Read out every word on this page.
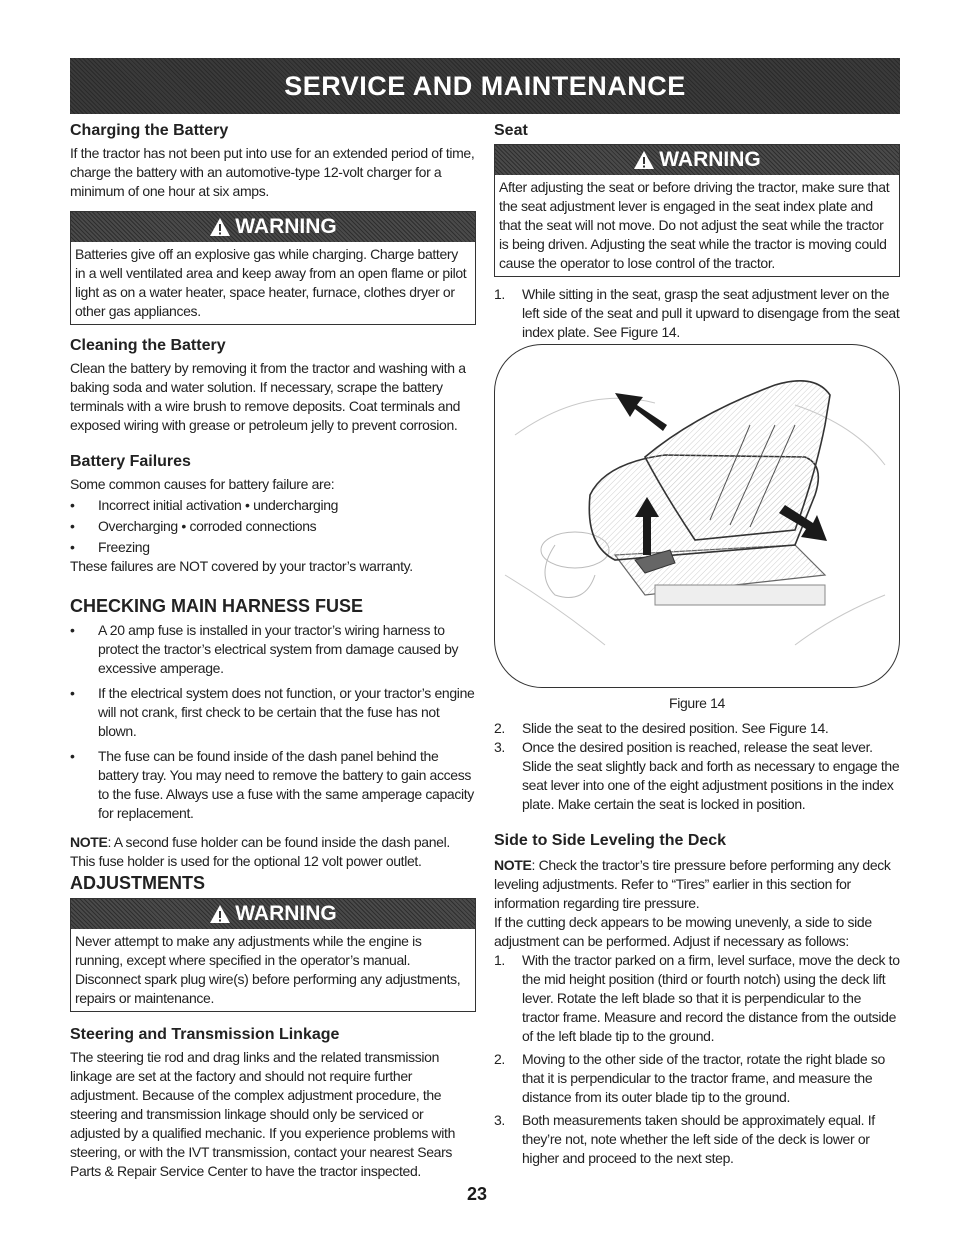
SERVICE AND MAINTENANCE
Charging the Battery

If the tractor has not been put into use for an extended period of time, charge the battery with an automotive-type 12-volt charger for a minimum of one hour at six amps.

WARNING

Batteries give off an explosive gas while charging. Charge battery in a well ventilated area and keep away from an open flame or pilot light as on a water heater, space heater, furnace, clothes dryer or other gas appliances.

Cleaning the Battery

Clean the battery by removing it from the tractor and washing with a baking soda and water solution. If necessary, scrape the battery terminals with a wire brush to remove deposits. Coat terminals and exposed wiring with grease or petroleum jelly to prevent corrosion.

Battery Failures

Some common causes for battery failure are:

• Incorrect initial activation • undercharging
• Overcharging • corroded connections
• Freezing

These failures are NOT covered by your tractor’s warranty.

CHECKING MAIN HARNESS FUSE
• A 20 amp fuse is installed in your tractor’s wiring harness to protect the tractor’s electrical system from damage caused by excessive amperage.
• If the electrical system does not function, or your tractor’s engine will not crank, first check to be certain that the fuse has not blown.
• The fuse can be found inside of the dash panel behind the battery tray. You may need to remove the battery to gain access to the fuse. Always use a fuse with the same amperage capacity for replacement.

NOTE: A second fuse holder can be found inside the dash panel. This fuse holder is used for the optional 12 volt power outlet.

ADJUSTMENTS
WARNING

Never attempt to make any adjustments while the engine is running, except where specified in the operator’s manual. Disconnect spark plug wire(s) before performing any adjustments, repairs or maintenance.

Steering and Transmission Linkage

The steering tie rod and drag links and the related transmission linkage are set at the factory and should not require further adjustment. Because of the complex adjustment procedure, the steering and transmission linkage should only be serviced or adjusted by a qualified mechanic. If you experience problems with steering, or with the IVT transmission, contact your nearest Sears Parts & Repair Service Center to have the tractor inspected.

Seat
WARNING

After adjusting the seat or before driving the tractor, make sure that the seat adjustment lever is engaged in the seat index plate and that the seat will not move. Do not adjust the seat while the tractor is being driven. Adjusting the seat while the tractor is moving could cause the operator to lose control of the tractor.

1. While sitting in the seat, grasp the seat adjustment lever on the left side of the seat and pull it upward to disengage from the seat index plate. See Figure 14.

Figure 14

2. Slide the seat to the desired position. See Figure 14.
3. Once the desired position is reached, release the seat lever. Slide the seat slightly back and forth as necessary to engage the seat lever into one of the eight adjustment positions in the index plate. Make certain the seat is locked in position.
Side to Side Leveling the Deck

NOTE: Check the tractor’s tire pressure before performing any deck leveling adjustments. Refer to “Tires” earlier in this section for information regarding tire pressure.

If the cutting deck appears to be mowing unevenly, a side to side adjustment can be performed. Adjust if necessary as follows:

1. With the tractor parked on a firm, level surface, move the deck to the mid height position (third or fourth notch) using the deck lift lever. Rotate the left blade so that it is perpendicular to the tractor frame. Measure and record the distance from the outside of the left blade tip to the ground.
2. Moving to the other side of the tractor, rotate the right blade so that it is perpendicular to the tractor frame, and measure the distance from its outer blade tip to the ground.
3. Both measurements taken should be approximately equal. If they’re not, note whether the left side of the deck is lower or higher and proceed to the next step.
23
